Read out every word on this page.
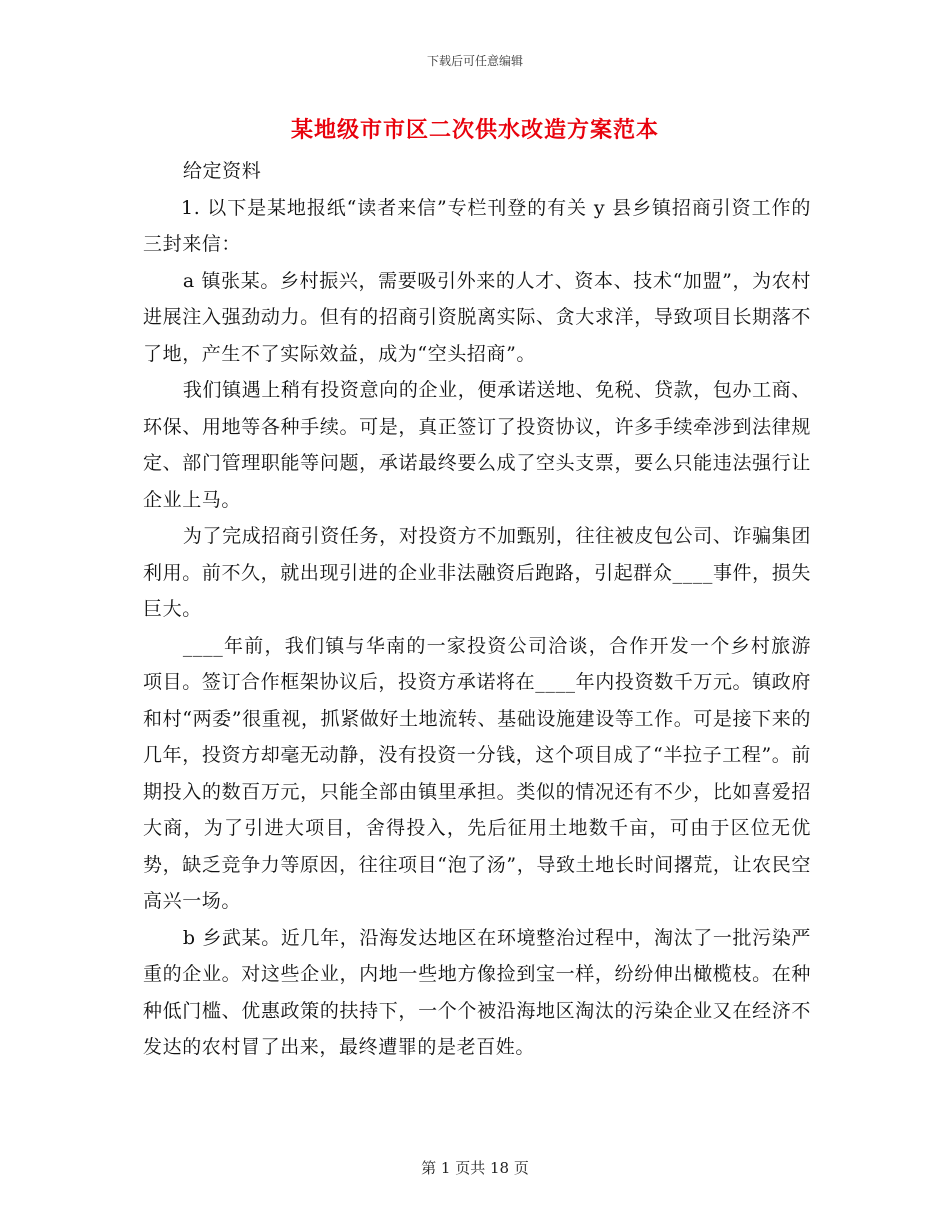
下载后可任意编辑
某地级市市区二次供水改造方案范本

给定资料

1. 以下是某地报纸“读者来信”专栏刊登的有关 y 县乡镇招商引资工作的三封来信：

a 镇张某。乡村振兴，需要吸引外来的人才、资本、技术“加盟”，为农村进展注入强劲动力。但有的招商引资脱离实际、贪大求洋，导致项目长期落不了地，产生不了实际效益，成为“空头招商”。

我们镇遇上稍有投资意向的企业，便承诺送地、免税、贷款，包办工商、环保、用地等各种手续。可是，真正签订了投资协议，许多手续牵涉到法律规定、部门管理职能等问题，承诺最终要么成了空头支票，要么只能违法强行让企业上马。

为了完成招商引资任务，对投资方不加甄别，往往被皮包公司、诈骗集团利用。前不久，就出现引进的企业非法融资后跑路，引起群众____事件，损失巨大。

____年前，我们镇与华南的一家投资公司洽谈，合作开发一个乡村旅游项目。签订合作框架协议后，投资方承诺将在____年内投资数千万元。镇政府和村“两委”很重视，抓紧做好土地流转、基础设施建设等工作。可是接下来的几年，投资方却毫无动静，没有投资一分钱，这个项目成了“半拉子工程”。前期投入的数百万元，只能全部由镇里承担。类似的情况还有不少，比如喜爱招大商，为了引进大项目，舍得投入，先后征用土地数千亩，可由于区位无优势，缺乏竞争力等原因，往往项目“泡了汤”，导致土地长时间撂荒，让农民空高兴一场。

b 乡武某。近几年，沿海发达地区在环境整治过程中，淘汰了一批污染严重的企业。对这些企业，内地一些地方像捡到宝一样，纷纷伸出橄榄枝。在种种低门槛、优惠政策的扶持下，一个个被沿海地区淘汰的污染企业又在经济不发达的农村冒了出来，最终遭罪的是老百姓。

第 1 页共 18 页
